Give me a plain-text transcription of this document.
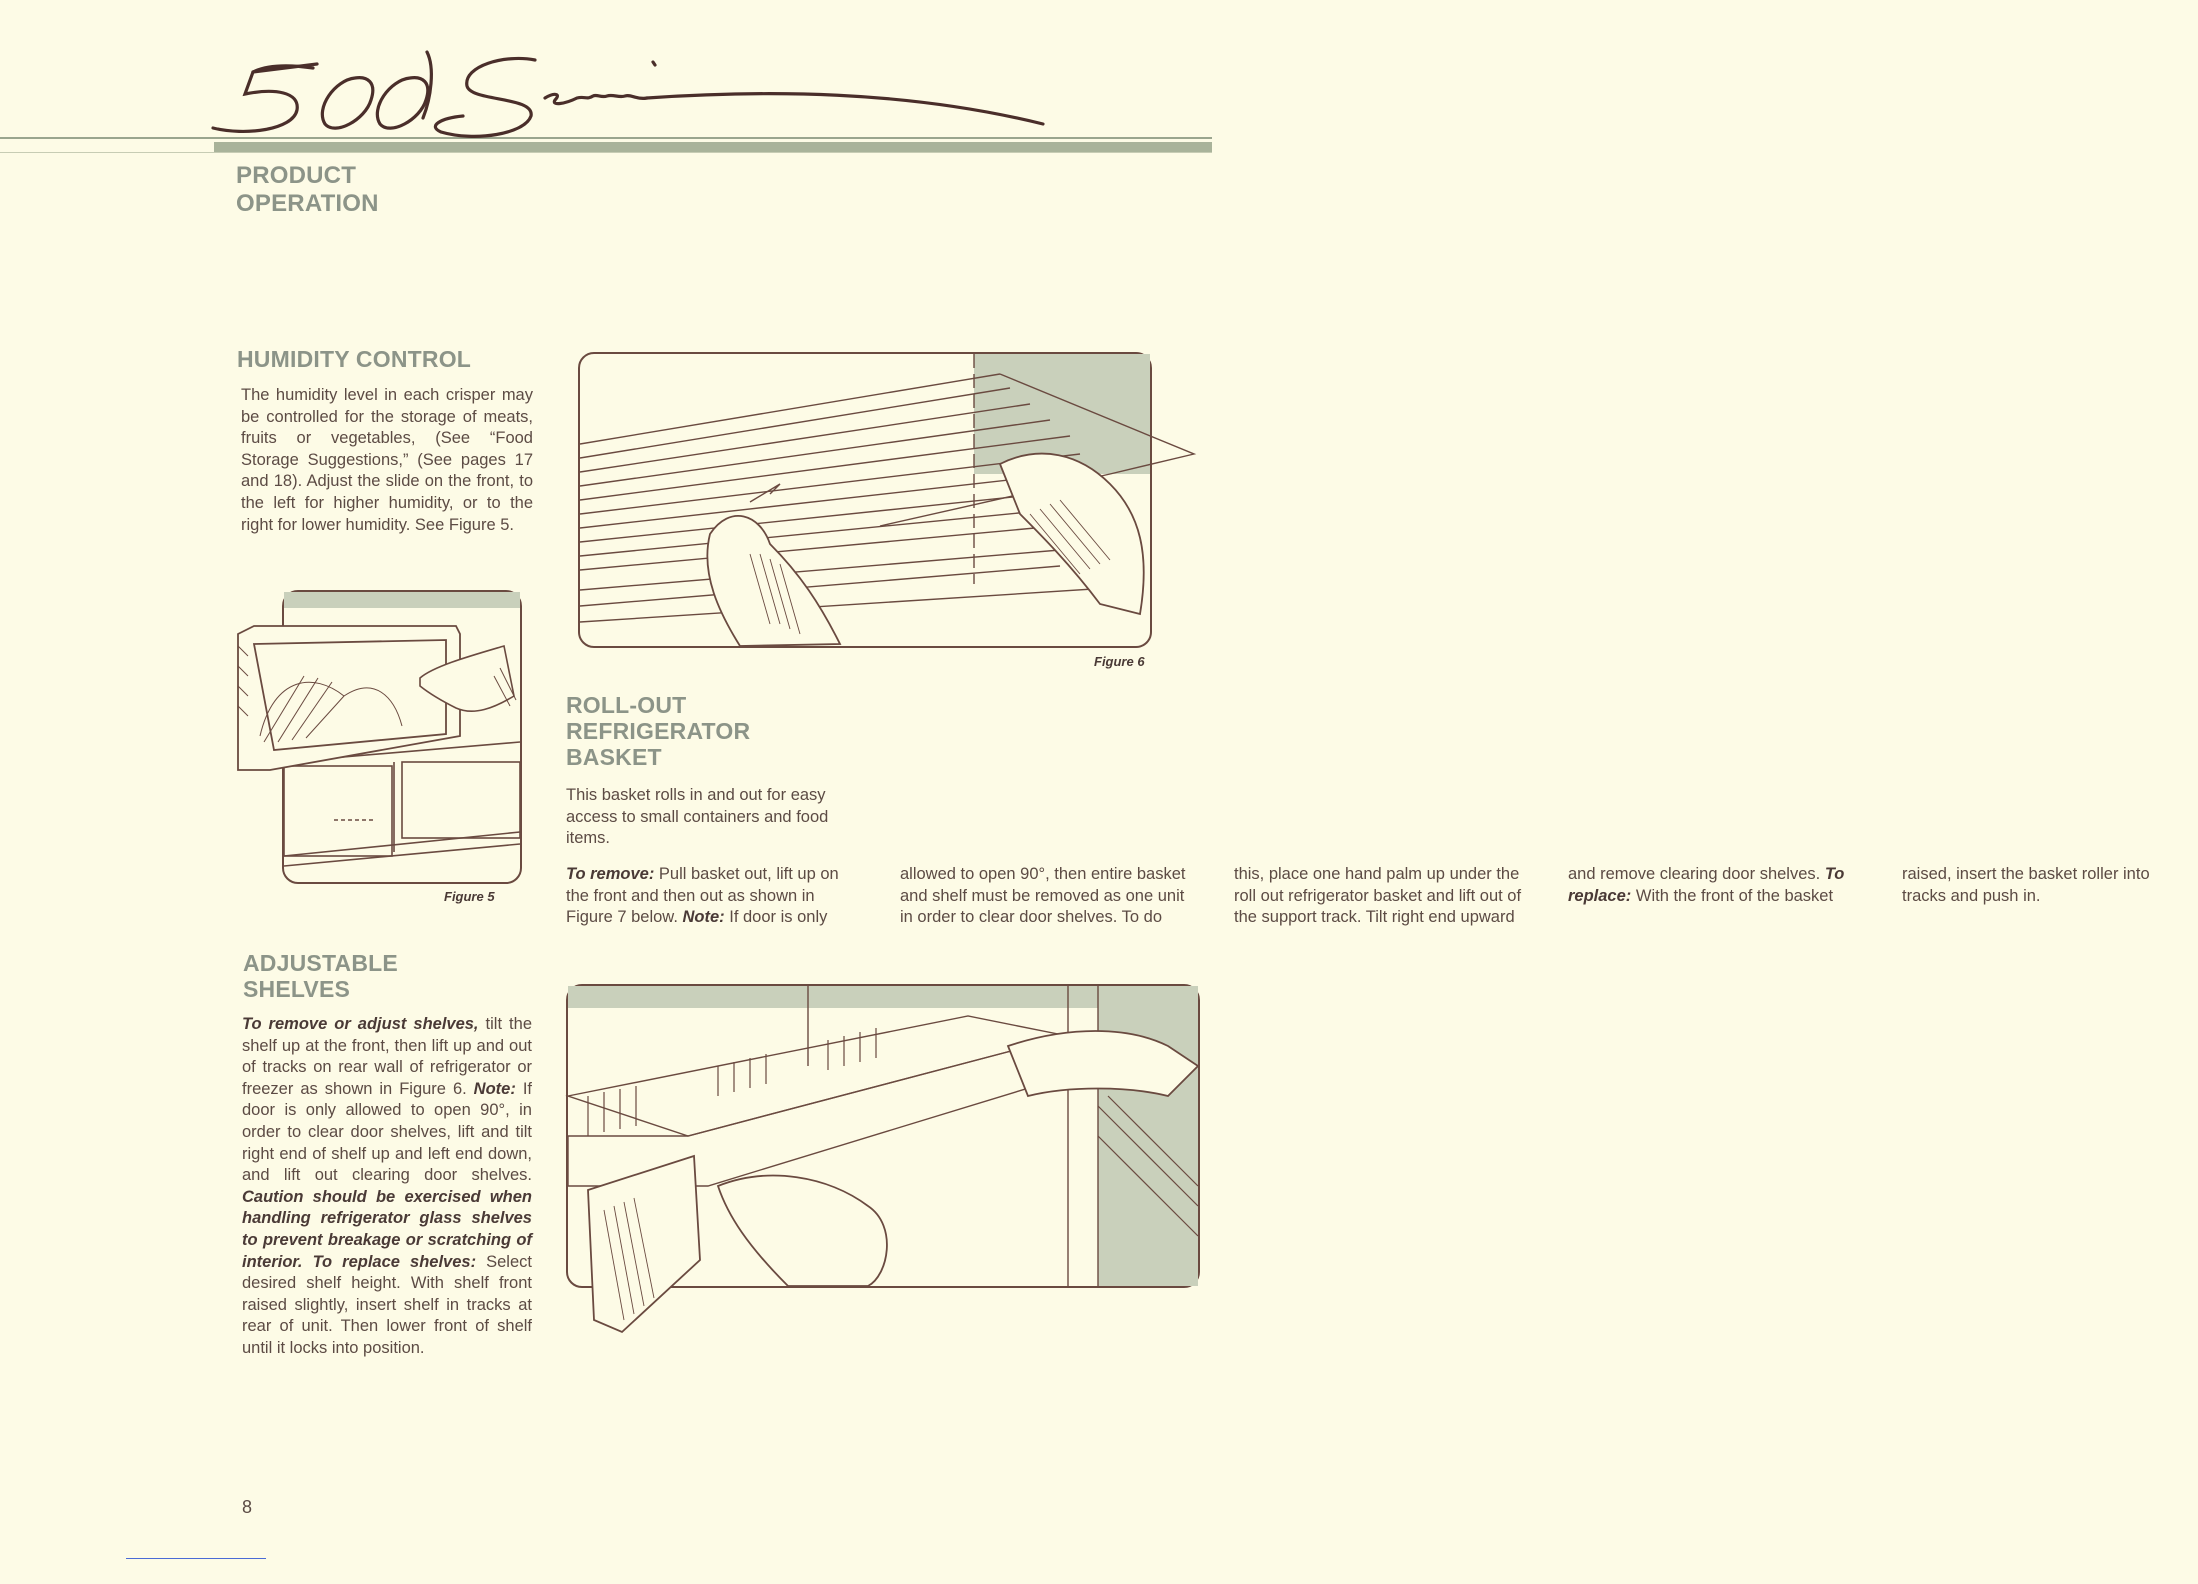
PRODUCT OPERATION
HUMIDITY CONTROL

The humidity level in each crisper may be controlled for the storage of meats, fruits or vegetables, (See “Food Storage Suggestions,” (See pages 17 and 18). Adjust the slide on the front, to the left for higher humidity, or to the right for lower humidity. See Figure 5.

Figure 5
Figure 6
ROLL-OUT REFRIGERATOR BASKET

This basket rolls in and out for easy access to small containers and food items.

To remove: Pull basket out, lift up on the front and then out as shown in Figure 7 below. Note: If door is only allowed to open 90°, then entire basket and shelf must be removed as one unit in order to clear door shelves. To do this, place one hand palm up under the roll out refrigerator basket and lift out of the support track. Tilt right end upward and remove clearing door shelves. To replace: With the front of the basket raised, insert the basket roller into tracks and push in.

ADJUSTABLE SHELVES

To remove or adjust shelves, tilt the shelf up at the front, then lift up and out of tracks on rear wall of refrigerator or freezer as shown in Figure 6. Note: If door is only allowed to open 90°, in order to clear door shelves, lift and tilt right end of shelf up and left end down, and lift out clearing door shelves. Caution should be exercised when handling refrigerator glass shelves to prevent breakage or scratching of interior. To replace shelves: Select desired shelf height. With shelf front raised slightly, insert shelf in tracks at rear of unit. Then lower front of shelf until it locks into position.

8
